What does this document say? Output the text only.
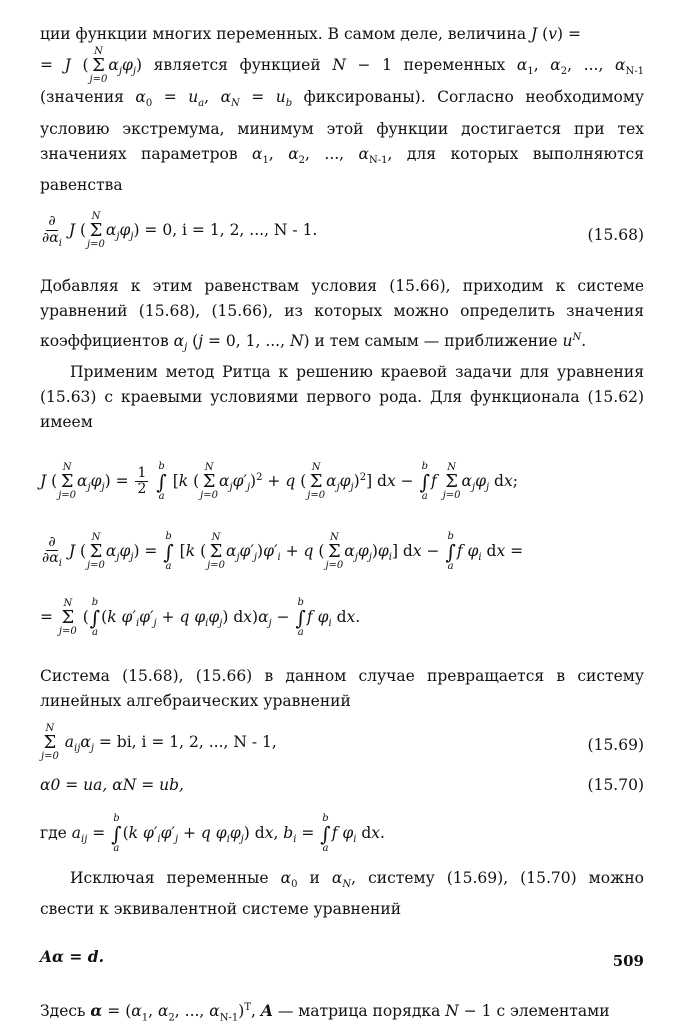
ции функции многих переменных. В самом деле, величина J (v) =
= J (
N
Σ
j=0
$\alpha_j\varphi_j$) является функцией N − 1 переменных $\alpha_1$, $\alpha_2$, ..., $\alpha_{N-1}$ (значения $\alpha_0 = u_a$, $\alpha_N = u_b$ фиксированы). Согласно необходимому условию экстремума, минимум этой функции достигается при тех значениях параметров $\alpha_1$, $\alpha_2$, ..., $\alpha_{N-1}$, для которых выполняются равенства

$\frac{\partial}{\partial\alpha_i}$ J (
N
Σ
j=0
$\alpha_j\varphi_j) = 0$, i = 1, 2, ..., N - 1.	(15.68)

Добавляя к этим равенствам условия (15.66), приходим к системе уравнений (15.68), (15.66), из которых можно определить значения коэффициентов $\alpha_j$ (j = 0, 1, ..., N) и тем самым — приближение $u^N$.

Применим метод Ритца к решению краевой задачи для уравнения (15.63) с краевыми условиями первого рода. Для функционала (15.62) имеем

J (
N
Σ
j=0
$\alpha_j\varphi_j) = \frac{1}{2}$
b
∫
a
[k (
N
Σ
j=0
$\alpha_j\varphi'_j)^2 + q$ (
N
Σ
j=0
$\alpha_j\varphi_j)^2$] dx −
b
∫
a
f
N
Σ
j=0
$\alpha_j\varphi_j$ dx;
$\frac{\partial}{\partial\alpha_i}$ J (
N
Σ
j=0
$\alpha_j\varphi_j$) =
b
∫
a
[k (
N
Σ
j=0
$\alpha_j\varphi'_j)\varphi'_i + q$ (
N
Σ
j=0
$\alpha_j\varphi_j)\varphi_i$] dx −
b
∫
a
f $\varphi_i$ dx =
=
N
Σ
j=0
(
b
∫
a
(k $\varphi'_i\varphi'_j + q$ $\varphi_i\varphi_j$) $dx)\alpha_j$ −
b
∫
a
f $\varphi_i$ dx.

Система (15.68), (15.66) в данном случае превращается в систему линейных алгебраических уравнений

N
Σ
j=0
$a_{ij}\alpha_j$ = bi, i = 1, 2, ..., N - 1,	(15.69)
α0 = ua, αN = ub,	(15.70)
где $a_{ij}$ =
b
∫
a
(k $\varphi'_i\varphi'_j + q$ $\varphi_i\varphi_j$) dx, $b_i$ =
b
∫
a
f $\varphi_i$ dx.

Исключая переменные $\alpha_0$ и $\alpha_N$, систему (15.69), (15.70) можно свести к эквивалентной системе уравнений

Aα = d.

Здесь $\alpha = (\alpha_1$, $\alpha_2$, ..., $\alpha_{N-1})^T$, A — матрица порядка N − 1 с элементами

509
